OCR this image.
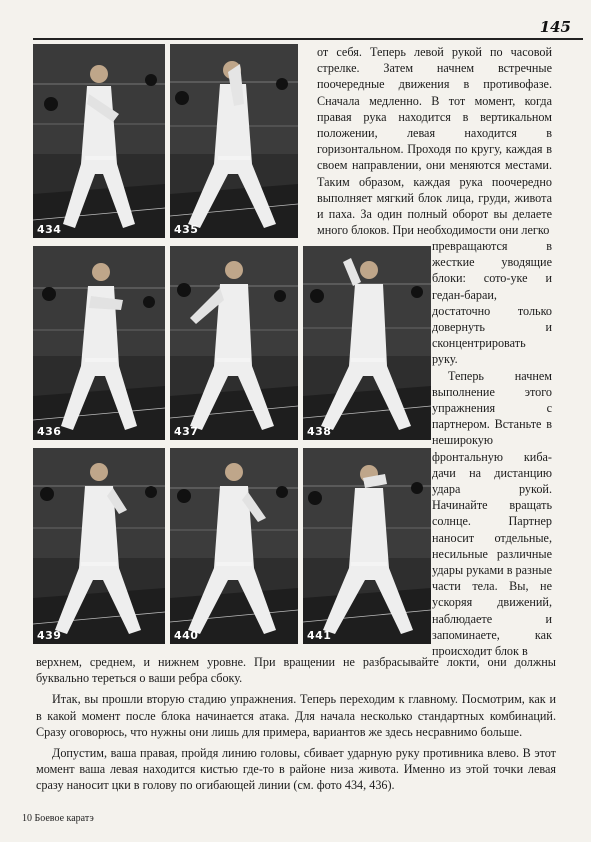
145
434	435
436	437	438
439	440	441

от себя. Теперь левой рукой по часовой стрелке. Затем начнем встречные поочередные движения в противофазе. Сначала медленно. В тот момент, когда правая рука находится в вертикальном положении, левая находится в горизонтальном. Проходя по кругу, каждая в своем направлении, они меняются местами. Таким образом, каждая рука поочередно выполняет мягкий блок лица, груди, живота и паха. За один полный оборот вы делаете много блоков. При необходимости они легко

превращаются в жесткие уводящие блоки: сото-уке и гедан-бараи, достаточно только довернуть и сконцентрировать руку.

Теперь начнем выполнение этого упражнения с партнером. Встаньте в неширокую фронтальную киба-дачи на дистанцию удара рукой. Начинайте вращать солнце. Партнер наносит отдельные, несильные различные удары руками в разные части тела. Вы, не ускоряя движений, наблюдаете и запоминаете, как происходит блок в

верхнем, среднем, и нижнем уровне. При вращении не разбрасывайте локти, они должны буквально тереться о ваши ребра сбоку.

Итак, вы прошли вторую стадию упражнения. Теперь переходим к главному. Посмотрим, как и в какой момент после блока начинается атака. Для начала несколько стандартных комбинаций. Сразу оговорюсь, что нужны они лишь для примера, вариантов же здесь несравнимо больше.

Допустим, ваша правая, пройдя линию головы, сбивает ударную руку противника влево. В этот момент ваша левая находится кистью где-то в районе низа живота. Именно из этой точки левая сразу наносит цки в голову по огибающей линии (см. фото 434, 436).

10 Боевое каратэ
